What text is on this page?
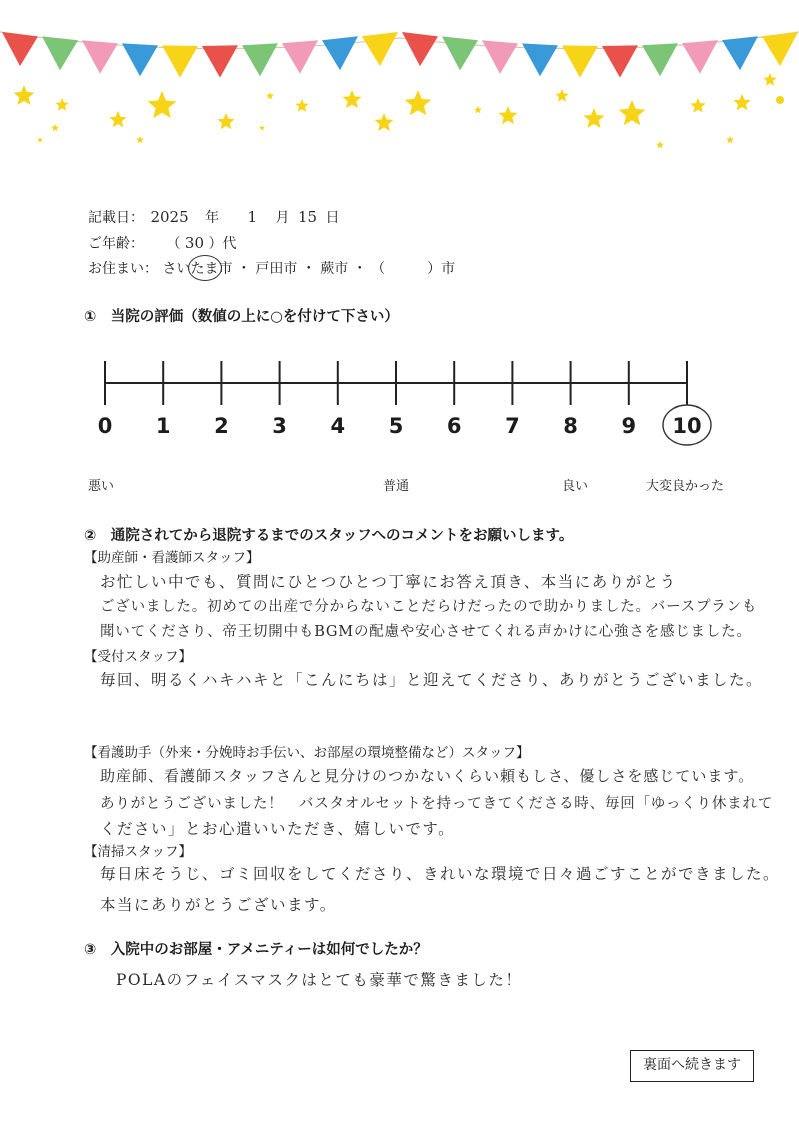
記載日： 2025 年 1 月 15 日
ご年齢： （ 30 ）代
お住まい： さいたま市 ・ 戸田市 ・ 蕨市 ・ （　　　）市
①　当院の評価（数値の上に○を付けて下さい）
0 1 2 3 4 5 6 7 8 9 10
悪い	普通	良い	大変良かった
②　通院されてから退院するまでのスタッフへのコメントをお願いします。
【助産師・看護師スタッフ】
お忙しい中でも、質問にひとつひとつ丁寧にお答え頂き、本当にありがとう
ございました。初めての出産で分からないことだらけだったので助かりました。バースプランも
聞いてくださり、帝王切開中もBGMの配慮や安心させてくれる声かけに心強さを感じました。
【受付スタッフ】
毎回、明るくハキハキと「こんにちは」と迎えてくださり、ありがとうございました。
【看護助手（外来・分娩時お手伝い、お部屋の環境整備など）スタッフ】
助産師、看護師スタッフさんと見分けのつかないくらい頼もしさ、優しさを感じています。
ありがとうございました！　バスタオルセットを持ってきてくださる時、毎回「ゆっくり休まれて
ください」とお心遣いいただき、嬉しいです。
【清掃スタッフ】
毎日床そうじ、ゴミ回収をしてくださり、きれいな環境で日々過ごすことができました。
本当にありがとうございます。
③　入院中のお部屋・アメニティーは如何でしたか？
POLAのフェイスマスクはとても豪華で驚きました！
裏面へ続きます
